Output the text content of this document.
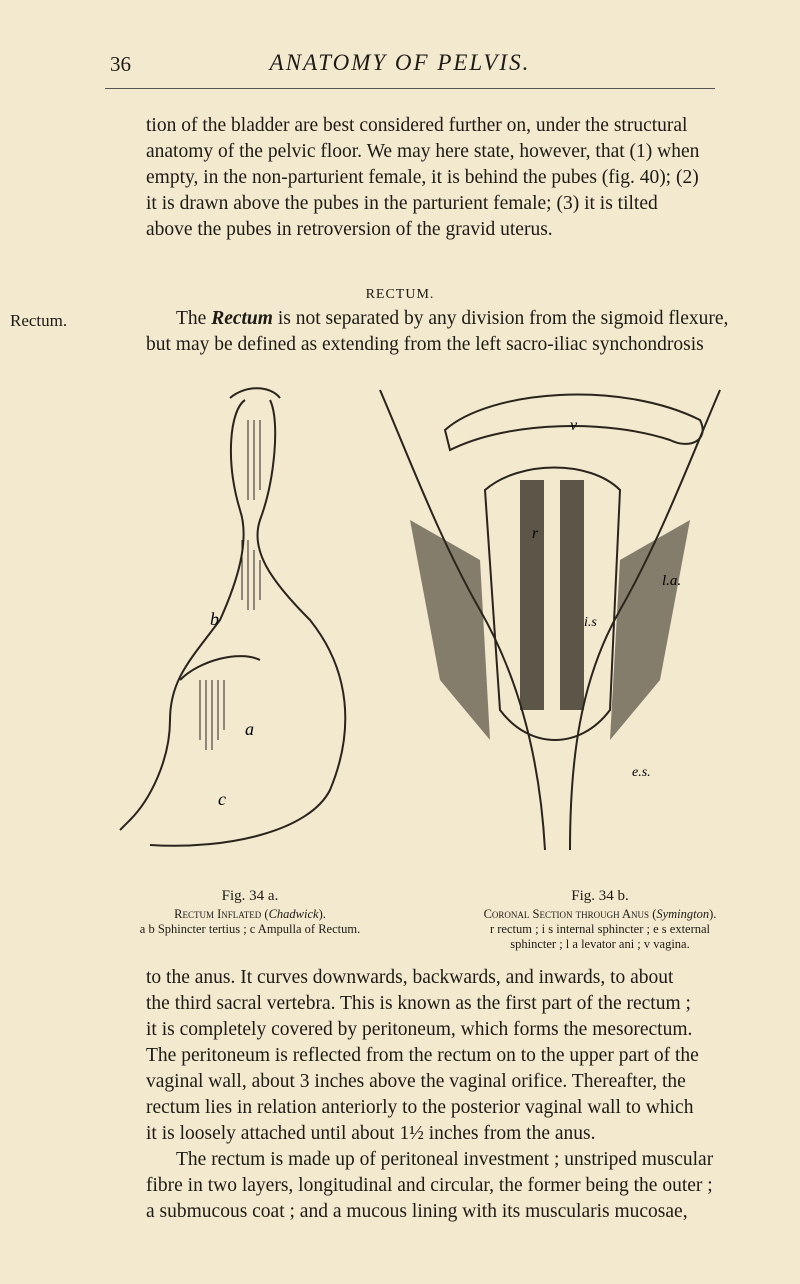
36	ANATOMY OF PELVIS.
tion of the bladder are best considered further on, under the structural
anatomy of the pelvic floor. We may here state, however, that (1) when
empty, in the non-parturient female, it is behind the pubes (fig. 40); (2)
it is drawn above the pubes in the parturient female; (3) it is tilted
above the pubes in retroversion of the gravid uterus.
RECTUM.
Rectum.	The Rectum is not separated by any division from the sigmoid flexure,
but may be defined as extending from the left sacro-iliac synchondrosis
b
a
c
v
r
l.a.
i.s
e.s.
Fig. 34 a.
Rectum Inflated (Chadwick).
a b Sphincter tertius ; c Ampulla of Rectum.
Fig. 34 b.
Coronal Section through Anus (Symington).
r rectum ; i s internal sphincter ; e s external
sphincter ; l a levator ani ; v vagina.
to the anus. It curves downwards, backwards, and inwards, to about
the third sacral vertebra. This is known as the first part of the rectum ;
it is completely covered by peritoneum, which forms the mesorectum.
The peritoneum is reflected from the rectum on to the upper part of the
vaginal wall, about 3 inches above the vaginal orifice. Thereafter, the
rectum lies in relation anteriorly to the posterior vaginal wall to which
it is loosely attached until about 1½ inches from the anus.
The rectum is made up of peritoneal investment ; unstriped muscular
fibre in two layers, longitudinal and circular, the former being the outer ;
a submucous coat ; and a mucous lining with its muscularis mucosae,
